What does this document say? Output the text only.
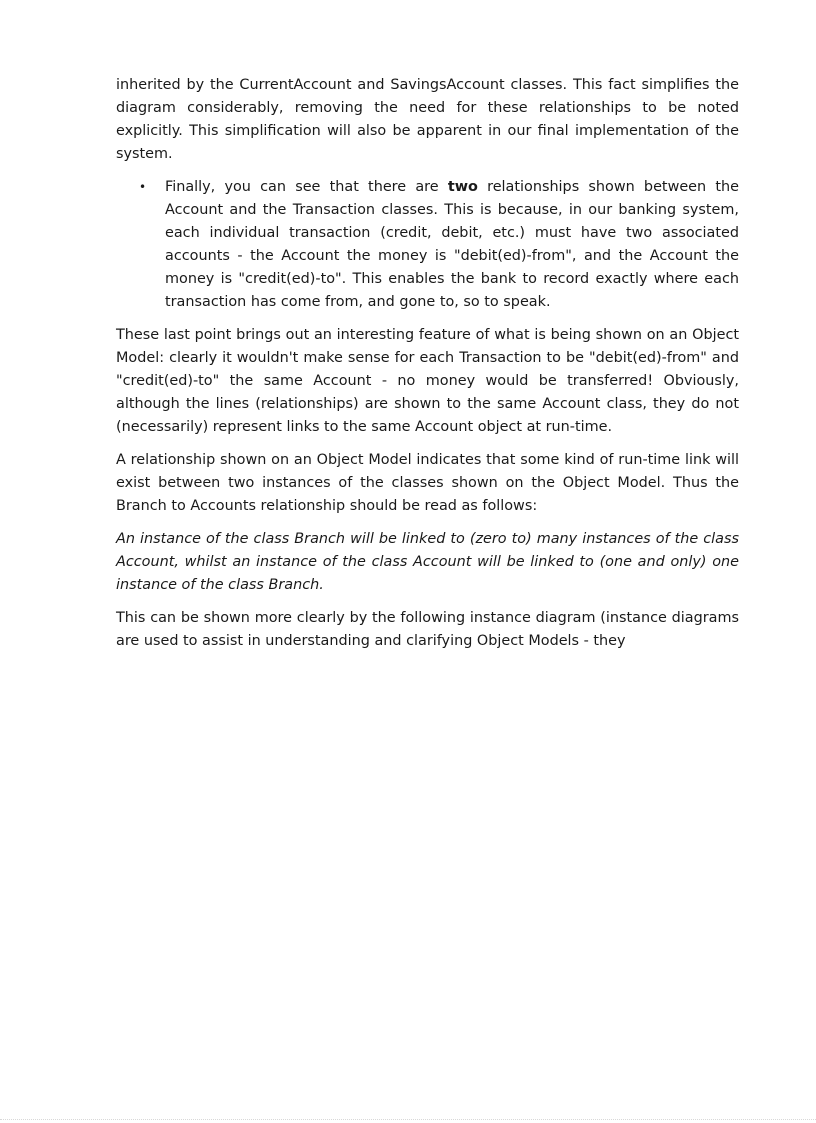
inherited by the CurrentAccount and SavingsAccount classes. This fact simplifies the diagram considerably, removing the need for these relationships to be noted explicitly. This simplification will also be apparent in our final implementation of the system.

• Finally, you can see that there are two relationships shown between the Account and the Transaction classes. This is because, in our banking system, each individual transaction (credit, debit, etc.) must have two associated accounts - the Account the money is "debit(ed)-from", and the Account the money is "credit(ed)-to". This enables the bank to record exactly where each transaction has come from, and gone to, so to speak.

These last point brings out an interesting feature of what is being shown on an Object Model: clearly it wouldn't make sense for each Transaction to be "debit(ed)-from" and "credit(ed)-to" the same Account - no money would be transferred! Obviously, although the lines (relationships) are shown to the same Account class, they do not (necessarily) represent links to the same Account object at run-time.

A relationship shown on an Object Model indicates that some kind of run-time link will exist between two instances of the classes shown on the Object Model. Thus the Branch to Accounts relationship should be read as follows:

An instance of the class Branch will be linked to (zero to) many instances of the class Account, whilst an instance of the class Account will be linked to (one and only) one instance of the class Branch.

This can be shown more clearly by the following instance diagram (instance diagrams are used to assist in understanding and clarifying Object Models - they
